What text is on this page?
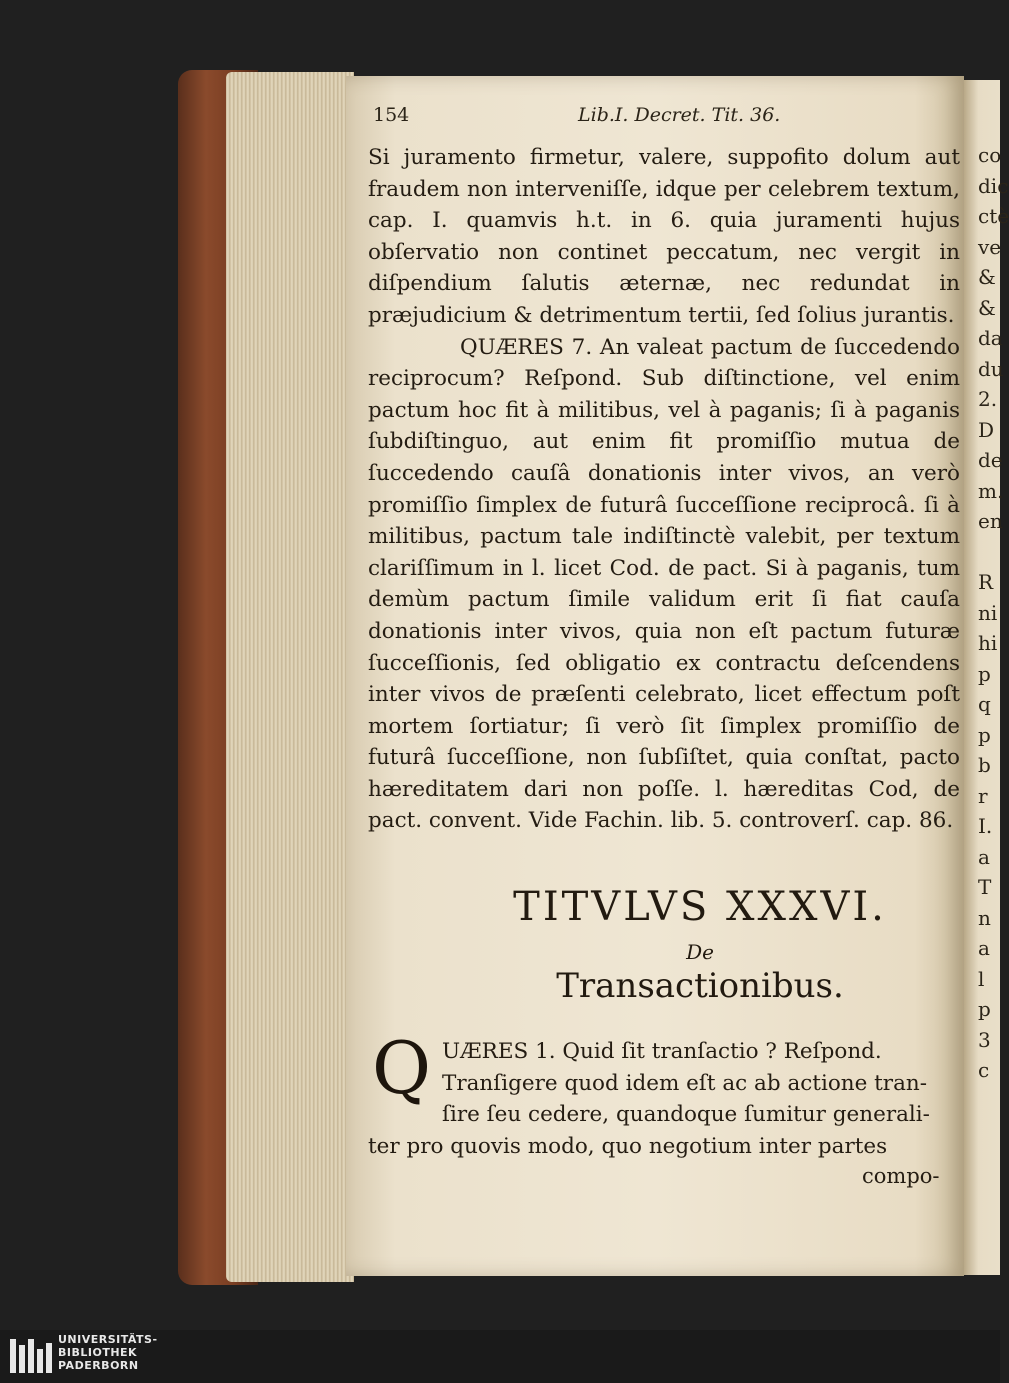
co
dic
ctè
ve
&
&
da
du
2.
D
de
m.
en

R
ni
hi
p
q
p
b
r
I.
a
T
n
a
l
p
3
c
154	Lib.I. Decret. Tit. 36.

Si juramento firmetur, valere, suppofito dolum aut fraudem non interveniſſe, idque per celebrem textum, cap. I. quamvis h.t. in 6. quia juramenti hujus obſervatio non continet peccatum, nec vergit in diſpendium ſalutis æternæ, nec redundat in præjudicium & detrimentum tertii, ſed ſolius jurantis.

QUÆRES 7. An valeat pactum de ſuccedendo reciprocum? Reſpond. Sub diſtinctione, vel enim pactum hoc fit à militibus, vel à paganis; ſi à paganis ſubdiſtinguo, aut enim fit promiſſio mutua de ſuccedendo cauſâ donationis inter vivos, an verò promiſſio ſimplex de futurâ ſucceſſione reciprocâ. ſi à militibus, pactum tale indiſtinctè valebit, per textum clariſſimum in l. licet Cod. de pact. Si à paganis, tum demùm pactum ſimile validum erit ſi fiat cauſa donationis inter vivos, quia non eſt pactum futuræ ſucceſſionis, ſed obligatio ex contractu deſcendens inter vivos de præſenti celebrato, licet effectum poſt mortem ſortiatur; ſi verò ſit ſimplex promiſſio de futurâ ſucceſſione, non ſubſiſtet, quia conſtat, pacto hæreditatem dari non poſſe. l. hæreditas Cod, de pact. convent. Vide Fachin. lib. 5. controverſ. cap. 86.

TITVLVS XXXVI.
De
Transactionibus.
Q UÆRES 1. Quid ſit tranſactio ? Reſpond.
Tranſigere quod idem eſt ac ab actione tran-
ſire ſeu cedere, quandoque ſumitur generali-
ter pro quovis modo, quo negotium inter partes
compo-
UNIVERSITÄTS-
BIBLIOTHEK
PADERBORN
